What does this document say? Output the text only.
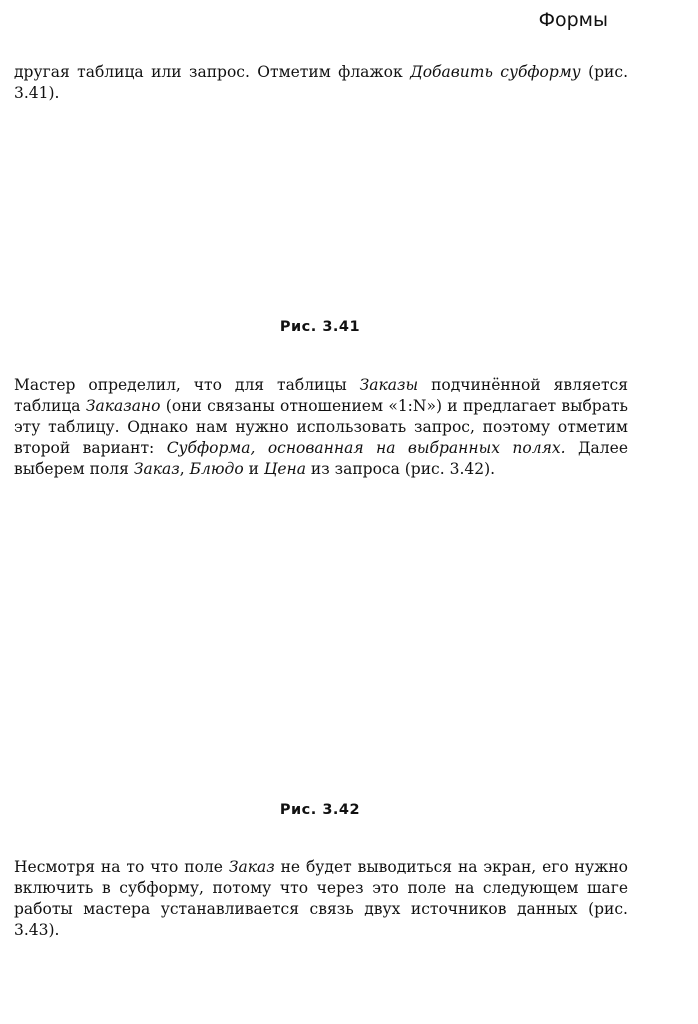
Формы

другая таблица или запрос. Отметим флажок Добавить субформу (рис. 3.41).

Рис. 3.41

Мастер определил, что для таблицы Заказы подчинённой является таблица Заказано (они связаны отношением «1:N») и предлагает выбрать эту таблицу. Однако нам нужно использовать запрос, поэтому отметим второй вариант: Субформа, основанная на выбранных полях. Далее выберем поля Заказ, Блюдо и Цена из запроса (рис. 3.42).

Рис. 3.42

Несмотря на то что поле Заказ не будет выводиться на экран, его нужно включить в субформу, потому что через это поле на следующем шаге работы мастера устанавливается связь двух источников данных (рис. 3.43).
